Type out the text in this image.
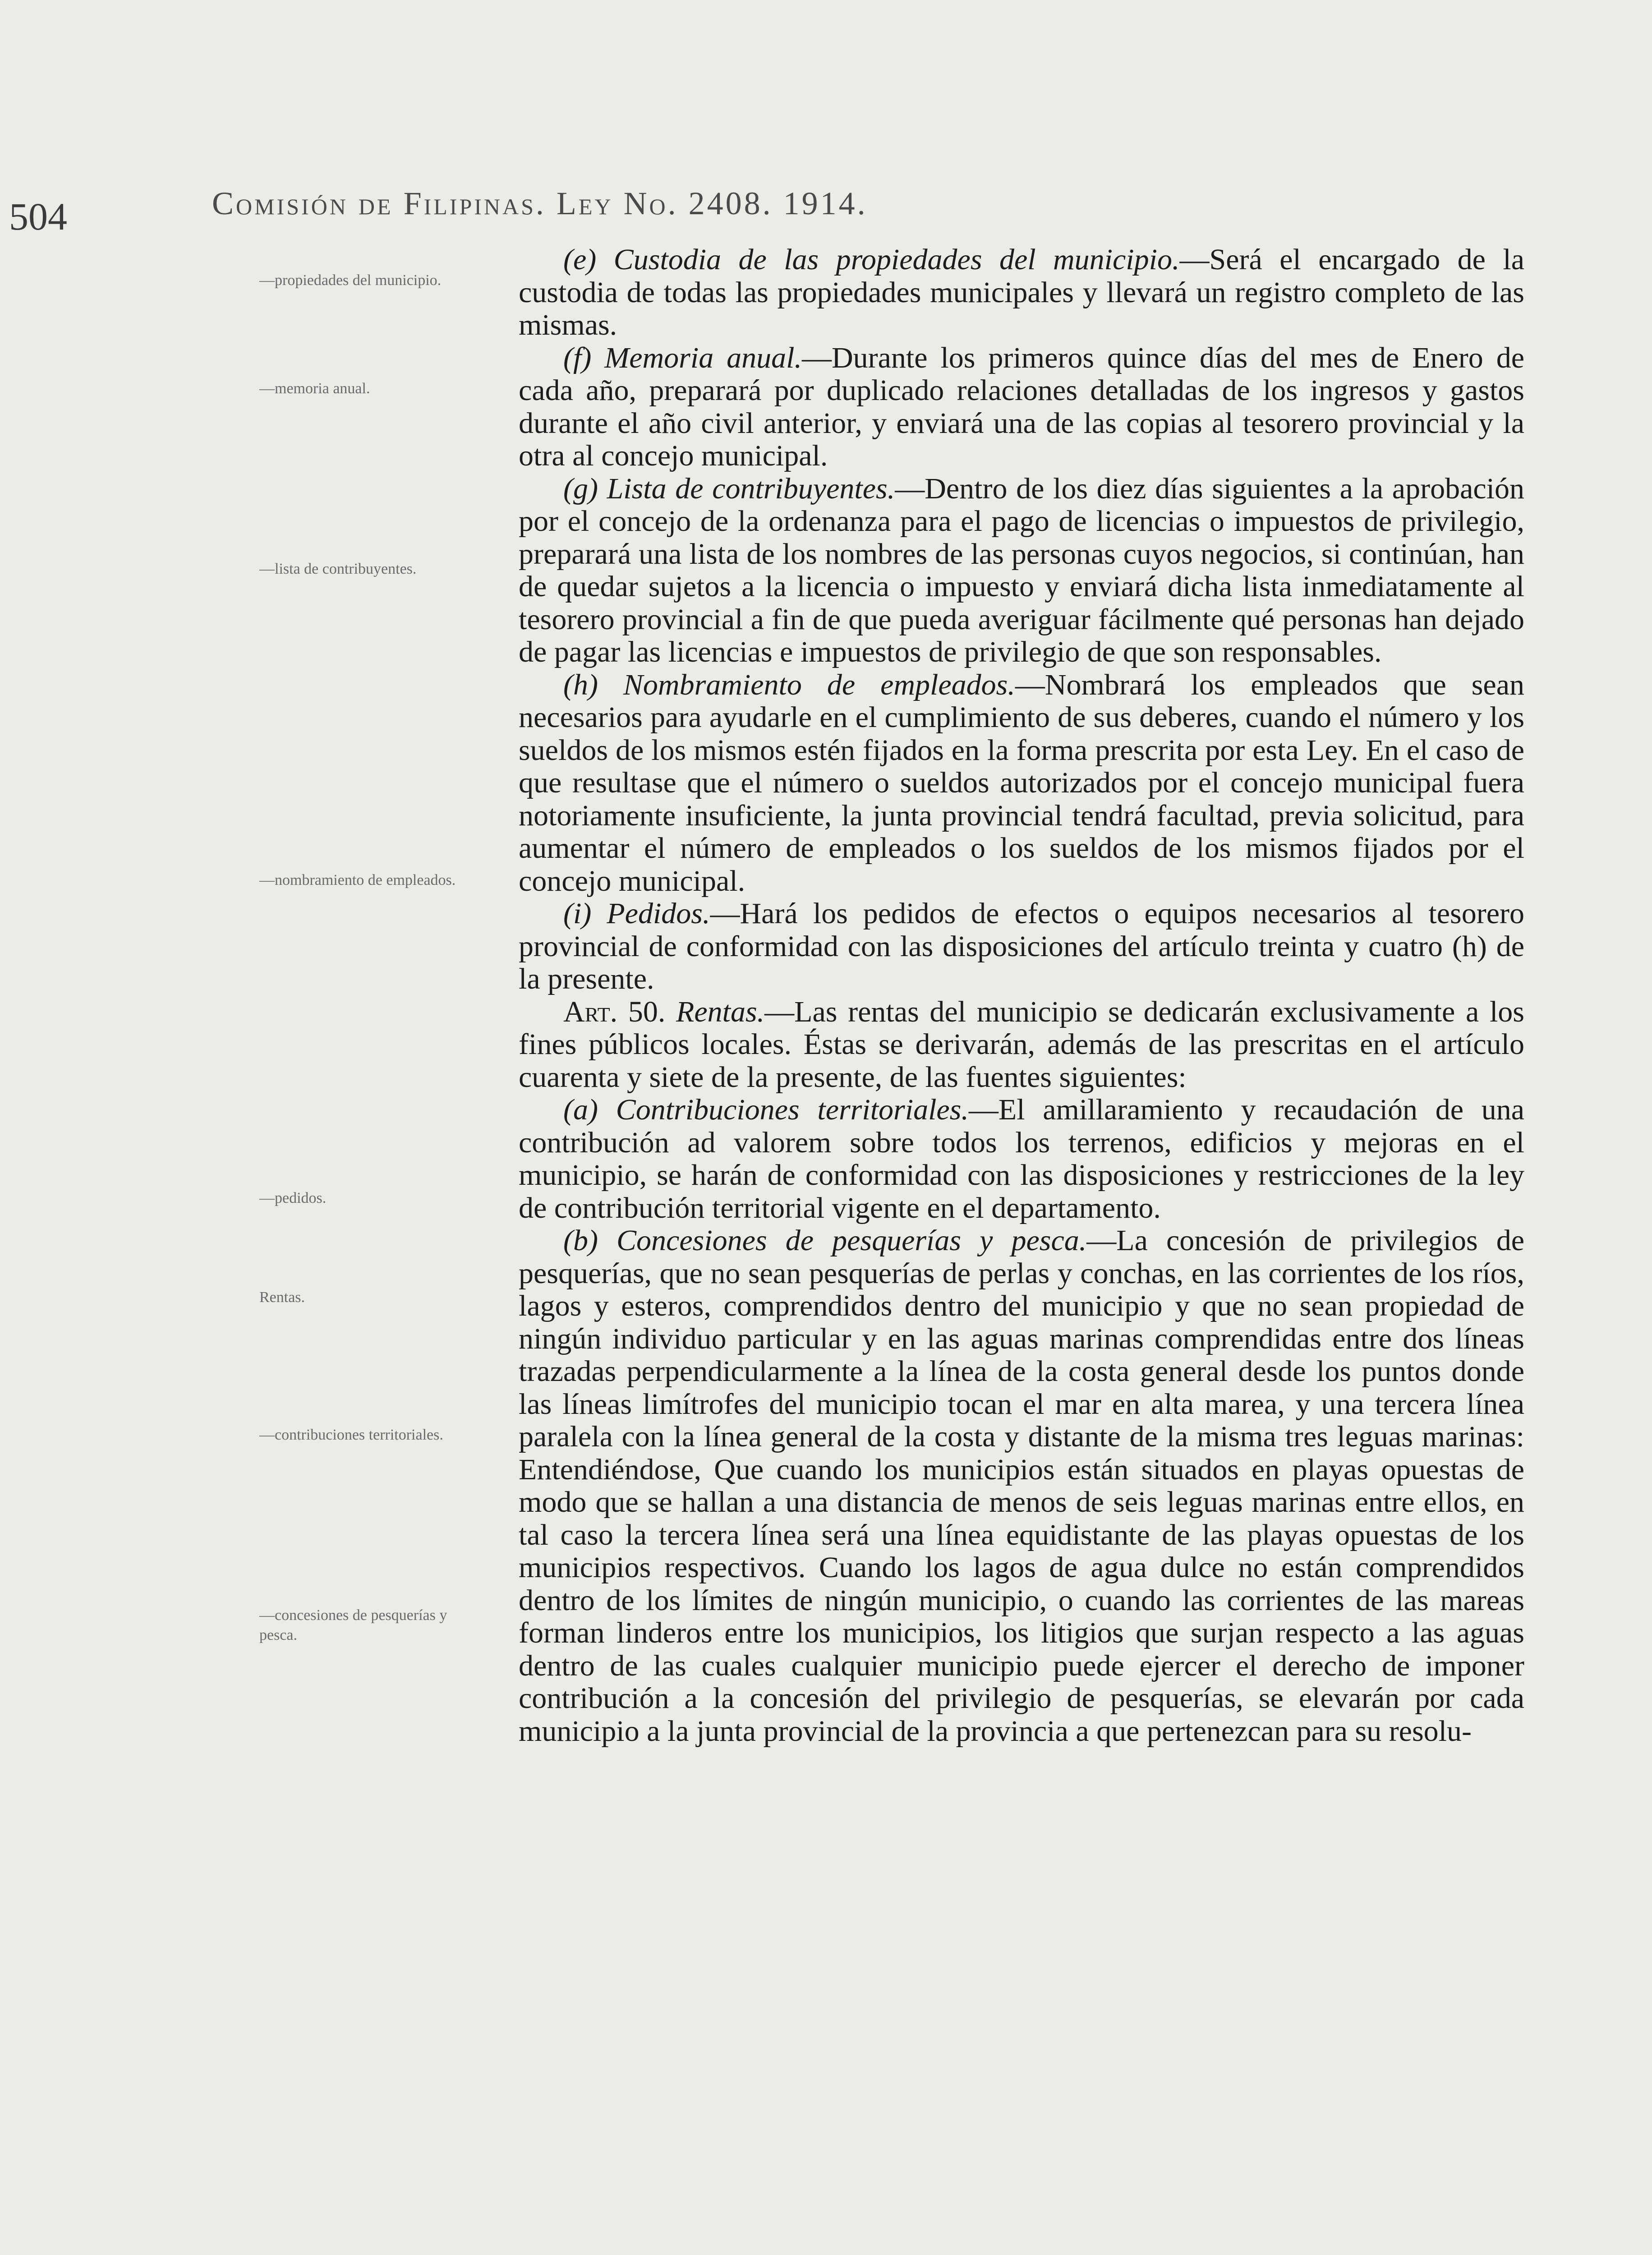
504	Comisión de Filipinas. Ley No. 2408. 1914.
—propiedades del municipio.
—memoria anual.
—lista de contribuyentes.
—nombramiento de empleados.
—pedidos.
Rentas.
—contribuciones territoriales.
—concesiones de pesquerías y pesca.

(e) Custodia de las propiedades del municipio.—Será el encargado de la custodia de todas las propiedades municipales y llevará un registro completo de las mismas.

(f) Memoria anual.—Durante los primeros quince días del mes de Enero de cada año, preparará por duplicado relaciones detalladas de los ingresos y gastos durante el año civil anterior, y enviará una de las copias al tesorero provincial y la otra al concejo municipal.

(g) Lista de contribuyentes.—Dentro de los diez días siguientes a la aprobación por el concejo de la ordenanza para el pago de licencias o impuestos de privilegio, preparará una lista de los nombres de las personas cuyos negocios, si continúan, han de quedar sujetos a la licencia o impuesto y enviará dicha lista inmediatamente al tesorero provincial a fin de que pueda averiguar fácilmente qué personas han dejado de pagar las licencias e impuestos de privilegio de que son responsables.

(h) Nombramiento de empleados.—Nombrará los empleados que sean necesarios para ayudarle en el cumplimiento de sus deberes, cuando el número y los sueldos de los mismos estén fijados en la forma prescrita por esta Ley. En el caso de que resultase que el número o sueldos autorizados por el concejo municipal fuera notoriamente insuficiente, la junta provincial tendrá facultad, previa solicitud, para aumentar el número de empleados o los sueldos de los mismos fijados por el concejo municipal.

(i) Pedidos.—Hará los pedidos de efectos o equipos necesarios al tesorero provincial de conformidad con las disposiciones del artículo treinta y cuatro (h) de la presente.

Art. 50. Rentas.—Las rentas del municipio se dedicarán exclusivamente a los fines públicos locales. Éstas se derivarán, además de las prescritas en el artículo cuarenta y siete de la presente, de las fuentes siguientes:

(a) Contribuciones territoriales.—El amillaramiento y recaudación de una contribución ad valorem sobre todos los terrenos, edificios y mejoras en el municipio, se harán de conformidad con las disposiciones y restricciones de la ley de contribución territorial vigente en el departamento.

(b) Concesiones de pesquerías y pesca.—La concesión de privilegios de pesquerías, que no sean pesquerías de perlas y conchas, en las corrientes de los ríos, lagos y esteros, comprendidos dentro del municipio y que no sean propiedad de ningún individuo particular y en las aguas marinas comprendidas entre dos líneas trazadas perpendicularmente a la línea de la costa general desde los puntos donde las líneas limítrofes del municipio tocan el mar en alta marea, y una tercera línea paralela con la línea general de la costa y distante de la misma tres leguas marinas: Entendiéndose, Que cuando los municipios están situados en playas opuestas de modo que se hallan a una distancia de menos de seis leguas marinas entre ellos, en tal caso la tercera línea será una línea equidistante de las playas opuestas de los municipios respectivos. Cuando los lagos de agua dulce no están comprendidos dentro de los límites de ningún municipio, o cuando las corrientes de las mareas forman linderos entre los municipios, los litigios que surjan respecto a las aguas dentro de las cuales cualquier municipio puede ejercer el derecho de imponer contribución a la concesión del privilegio de pesquerías, se elevarán por cada municipio a la junta provincial de la provincia a que pertenezcan para su resolu-
